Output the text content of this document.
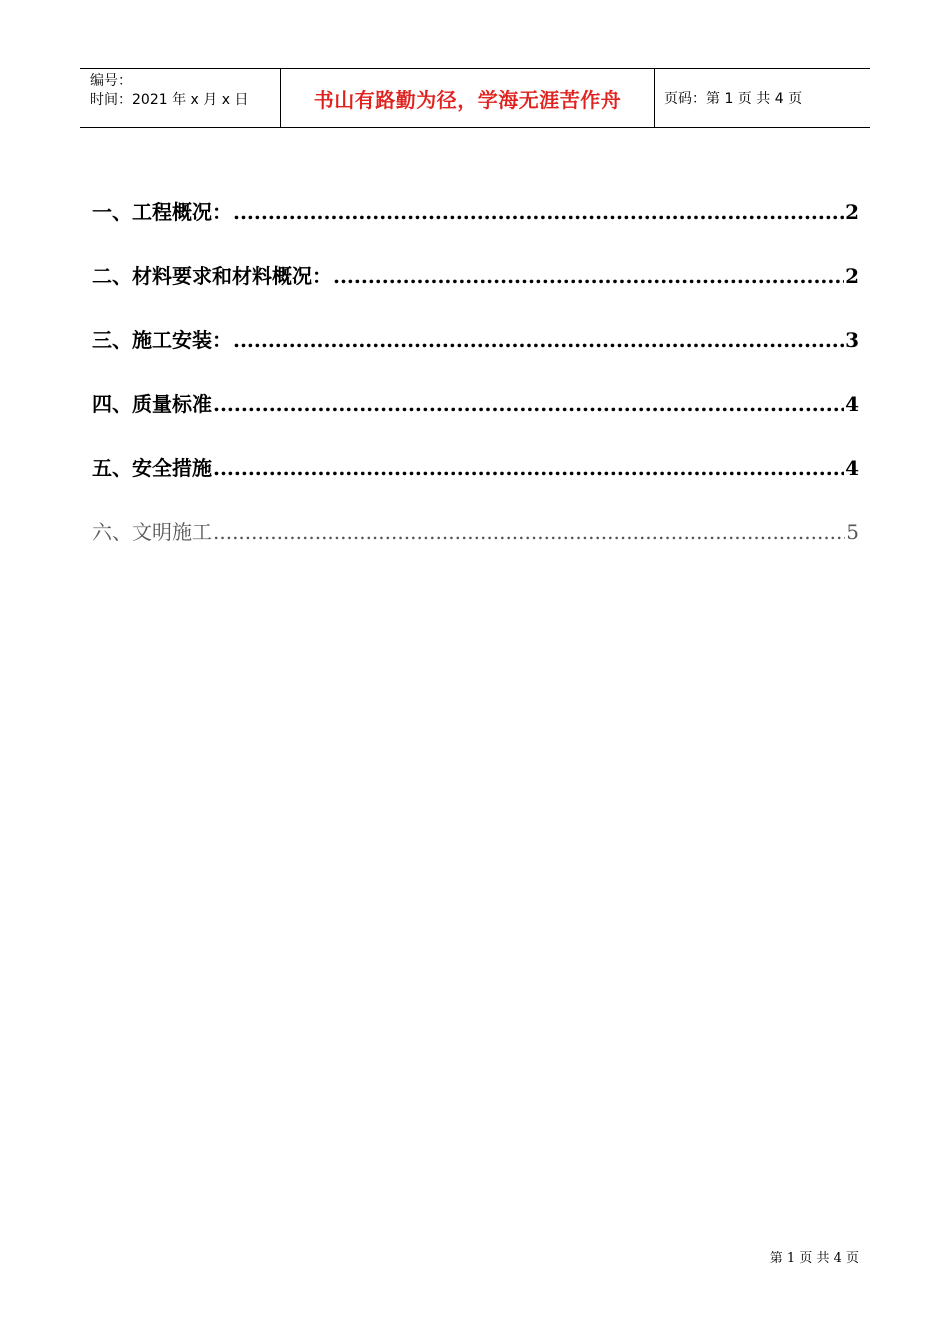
编号：
时间：2021 年 x 月 x 日	书山有路勤为径，学海无涯苦作舟	页码：第 1 页 共 4 页
一、工程概况： .....	2
二、材料要求和材料概况： .....	2
三、施工安装： .....	3
四、质量标准 .....	4
五、安全措施 .....	4
六、文明施工 .....	5
第 1 页 共 4 页
